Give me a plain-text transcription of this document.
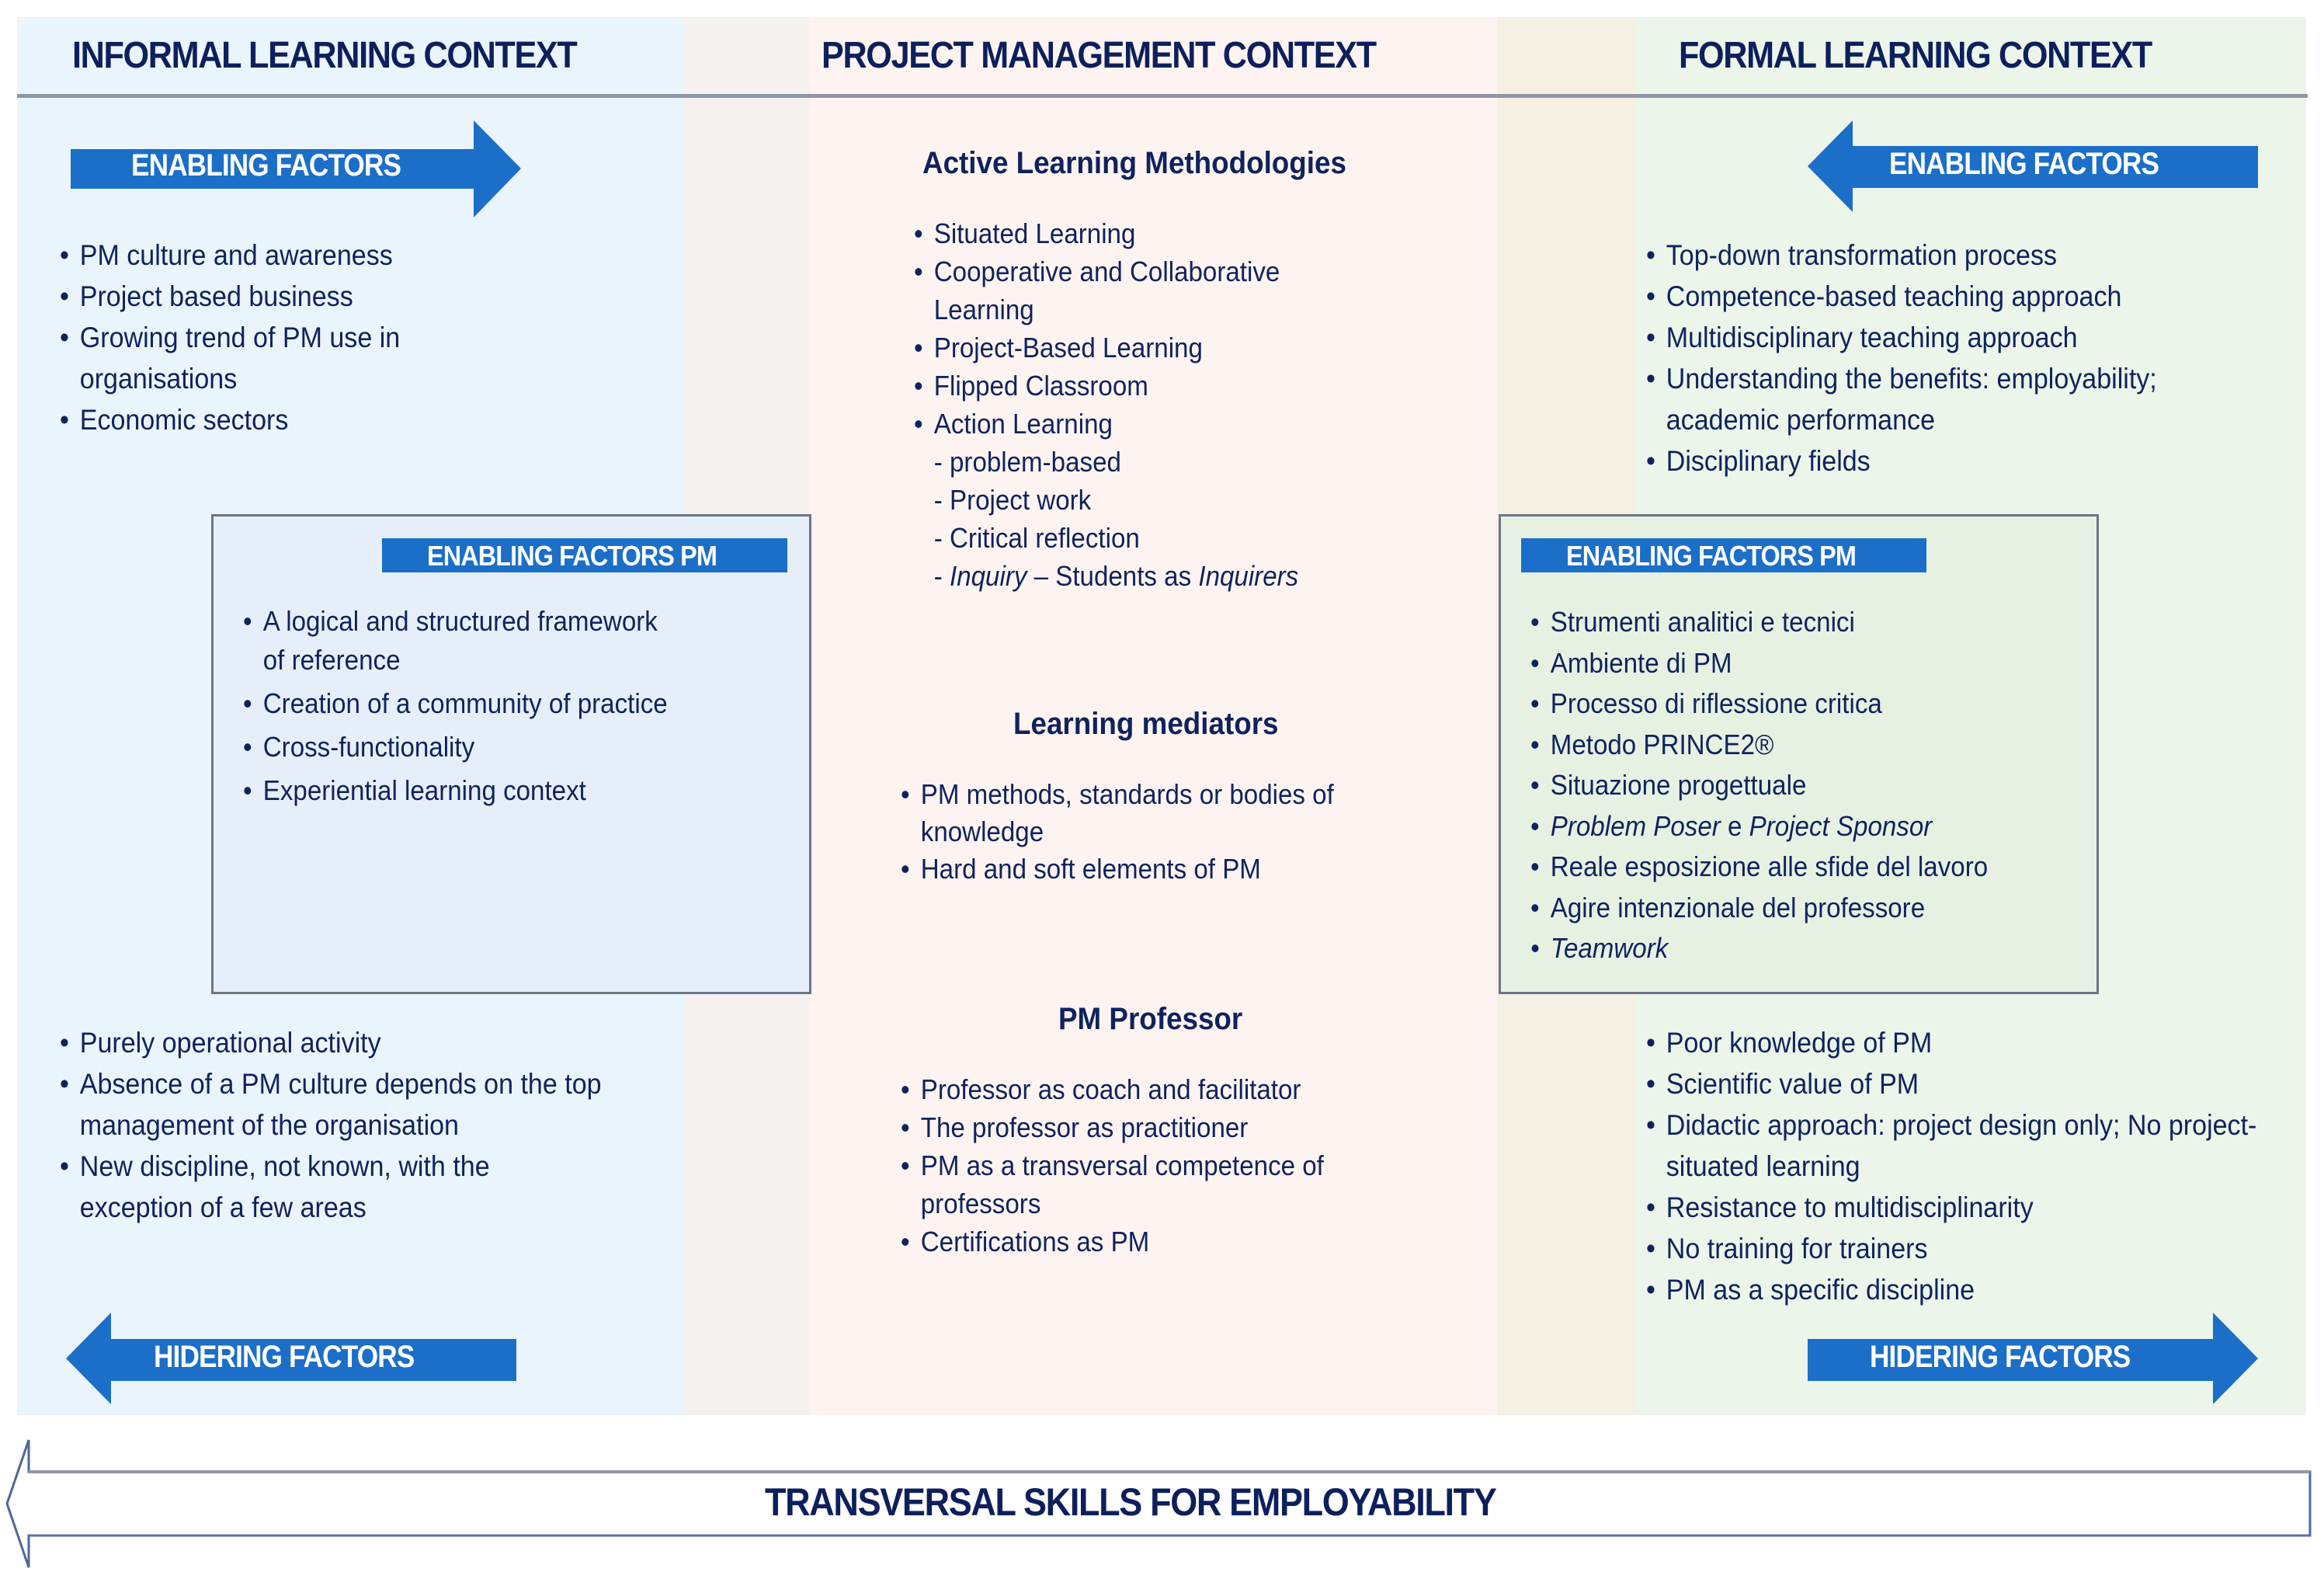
INFORMAL LEARNING CONTEXT	PROJECT MANAGEMENT CONTEXT	FORMAL LEARNING CONTEXT
ENABLING FACTORS
• PM culture and awareness
• Project based business
• Growing trend of PM use in organisations
• Economic sectors
ENABLING FACTORS PM
• A logical and structured framework of reference
• Creation of a community of practice
• Cross-functionality
• Experiential learning context
• Purely operational activity
• Absence of a PM culture depends on the top management of the organisation
• New discipline, not known, with the exception of a few areas
HIDERING FACTORS
Active Learning Methodologies
• Situated Learning
• Cooperative and Collaborative Learning
• Project-Based Learning
• Flipped Classroom
• Action Learning
- problem-based
- Project work
- Critical reflection
- Inquiry – Students as Inquirers
Learning mediators
• PM methods, standards or bodies of knowledge
• Hard and soft elements of PM
PM Professor
• Professor as coach and facilitator
• The professor as practitioner
• PM as a transversal competence of professors
• Certifications as PM
ENABLING FACTORS
• Top-down transformation process
• Competence-based teaching approach
• Multidisciplinary teaching approach
• Understanding the benefits: employability; academic performance
• Disciplinary fields
ENABLING FACTORS PM
• Strumenti analitici e tecnici
• Ambiente di PM
• Processo di riflessione critica
• Metodo PRINCE2®
• Situazione progettuale
• Problem Poser e Project Sponsor
• Reale esposizione alle sfide del lavoro
• Agire intenzionale del professore
• Teamwork
• Poor knowledge of PM
• Scientific value of PM
• Didactic approach: project design only; No project-situated learning
• Resistance to multidisciplinarity
• No training for trainers
• PM as a specific discipline
HIDERING FACTORS
TRANSVERSAL SKILLS FOR EMPLOYABILITY
